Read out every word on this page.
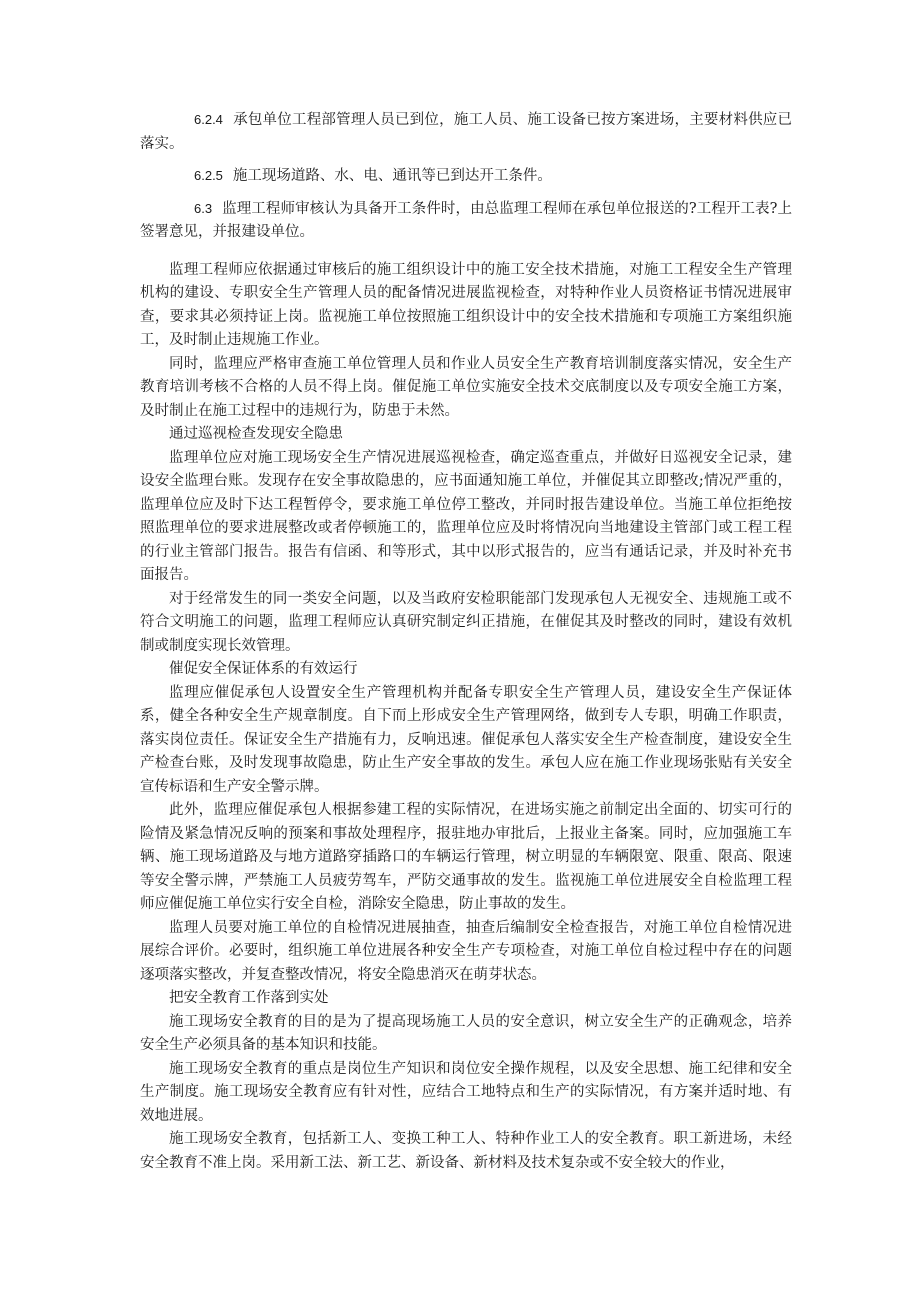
6.2.4 承包单位工程部管理人员已到位，施工人员、施工设备已按方案进场，主要材料供应已落实。

6.2.5 施工现场道路、水、电、通讯等已到达开工条件。

6.3 监理工程师审核认为具备开工条件时，由总监理工程师在承包单位报送的?工程开工表?上签署意见，并报建设单位。

监理工程师应依据通过审核后的施工组织设计中的施工安全技术措施，对施工工程安全生产管理机构的建设、专职安全生产管理人员的配备情况进展监视检查，对特种作业人员资格证书情况进展审查，要求其必须持证上岗。监视施工单位按照施工组织设计中的安全技术措施和专项施工方案组织施工，及时制止违规施工作业。

同时，监理应严格审查施工单位管理人员和作业人员安全生产教育培训制度落实情况，安全生产教育培训考核不合格的人员不得上岗。催促施工单位实施安全技术交底制度以及专项安全施工方案，及时制止在施工过程中的违规行为，防患于未然。

通过巡视检查发现安全隐患

监理单位应对施工现场安全生产情况进展巡视检查，确定巡查重点，并做好日巡视安全记录，建设安全监理台账。发现存在安全事故隐患的，应书面通知施工单位，并催促其立即整改;情况严重的，监理单位应及时下达工程暂停令，要求施工单位停工整改，并同时报告建设单位。当施工单位拒绝按照监理单位的要求进展整改或者停顿施工的，监理单位应及时将情况向当地建设主管部门或工程工程的行业主管部门报告。报告有信函、和等形式，其中以形式报告的，应当有通话记录，并及时补充书面报告。

对于经常发生的同一类安全问题，以及当政府安检职能部门发现承包人无视安全、违规施工或不符合文明施工的问题，监理工程师应认真研究制定纠正措施，在催促其及时整改的同时，建设有效机制或制度实现长效管理。

催促安全保证体系的有效运行

监理应催促承包人设置安全生产管理机构并配备专职安全生产管理人员，建设安全生产保证体系，健全各种安全生产规章制度。自下而上形成安全生产管理网络，做到专人专职，明确工作职责，落实岗位责任。保证安全生产措施有力，反响迅速。催促承包人落实安全生产检查制度，建设安全生产检查台账，及时发现事故隐患，防止生产安全事故的发生。承包人应在施工作业现场张贴有关安全宣传标语和生产安全警示牌。

此外，监理应催促承包人根据参建工程的实际情况，在进场实施之前制定出全面的、切实可行的险情及紧急情况反响的预案和事故处理程序，报驻地办审批后，上报业主备案。同时，应加强施工车辆、施工现场道路及与地方道路穿插路口的车辆运行管理，树立明显的车辆限宽、限重、限高、限速等安全警示牌，严禁施工人员疲劳驾车，严防交通事故的发生。监视施工单位进展安全自检监理工程师应催促施工单位实行安全自检，消除安全隐患，防止事故的发生。

监理人员要对施工单位的自检情况进展抽查，抽查后编制安全检查报告，对施工单位自检情况进展综合评价。必要时，组织施工单位进展各种安全生产专项检查，对施工单位自检过程中存在的问题逐项落实整改，并复查整改情况，将安全隐患消灭在萌芽状态。

把安全教育工作落到实处

施工现场安全教育的目的是为了提高现场施工人员的安全意识，树立安全生产的正确观念，培养安全生产必须具备的基本知识和技能。

施工现场安全教育的重点是岗位生产知识和岗位安全操作规程，以及安全思想、施工纪律和安全生产制度。施工现场安全教育应有针对性，应结合工地特点和生产的实际情况，有方案并适时地、有效地进展。

施工现场安全教育，包括新工人、变换工种工人、特种作业工人的安全教育。职工新进场，未经安全教育不准上岗。采用新工法、新工艺、新设备、新材料及技术复杂或不安全较大的作业，
